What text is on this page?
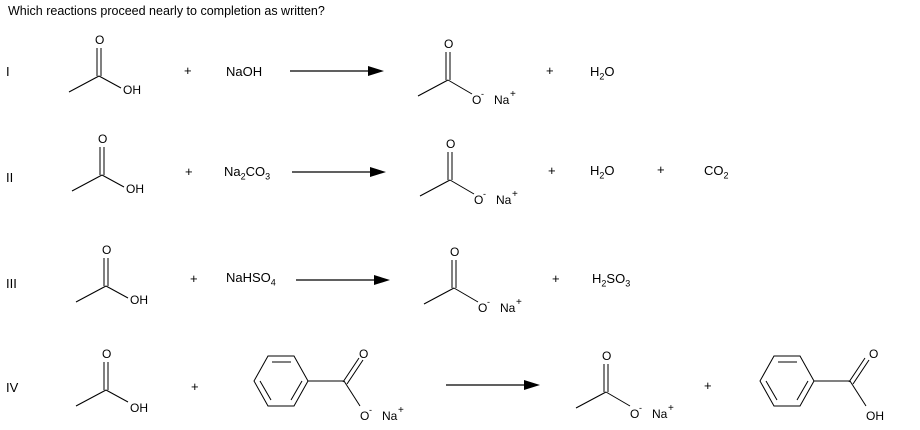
Which reactions proceed nearly to completion as written?
I
O
OH
+	NaOH
O
O - Na +
+	$H_2O$
II
O
OH
+ $Na_2CO_3$
O
O - Na +
+	$H_2O$	+	$CO_2$
III
O
OH
+ NaHSO$_4$
O
O - Na +
+ $H_2SO_3$
IV
O
OH
+
O
O - Na +
O
O - Na +
+
O
OH
